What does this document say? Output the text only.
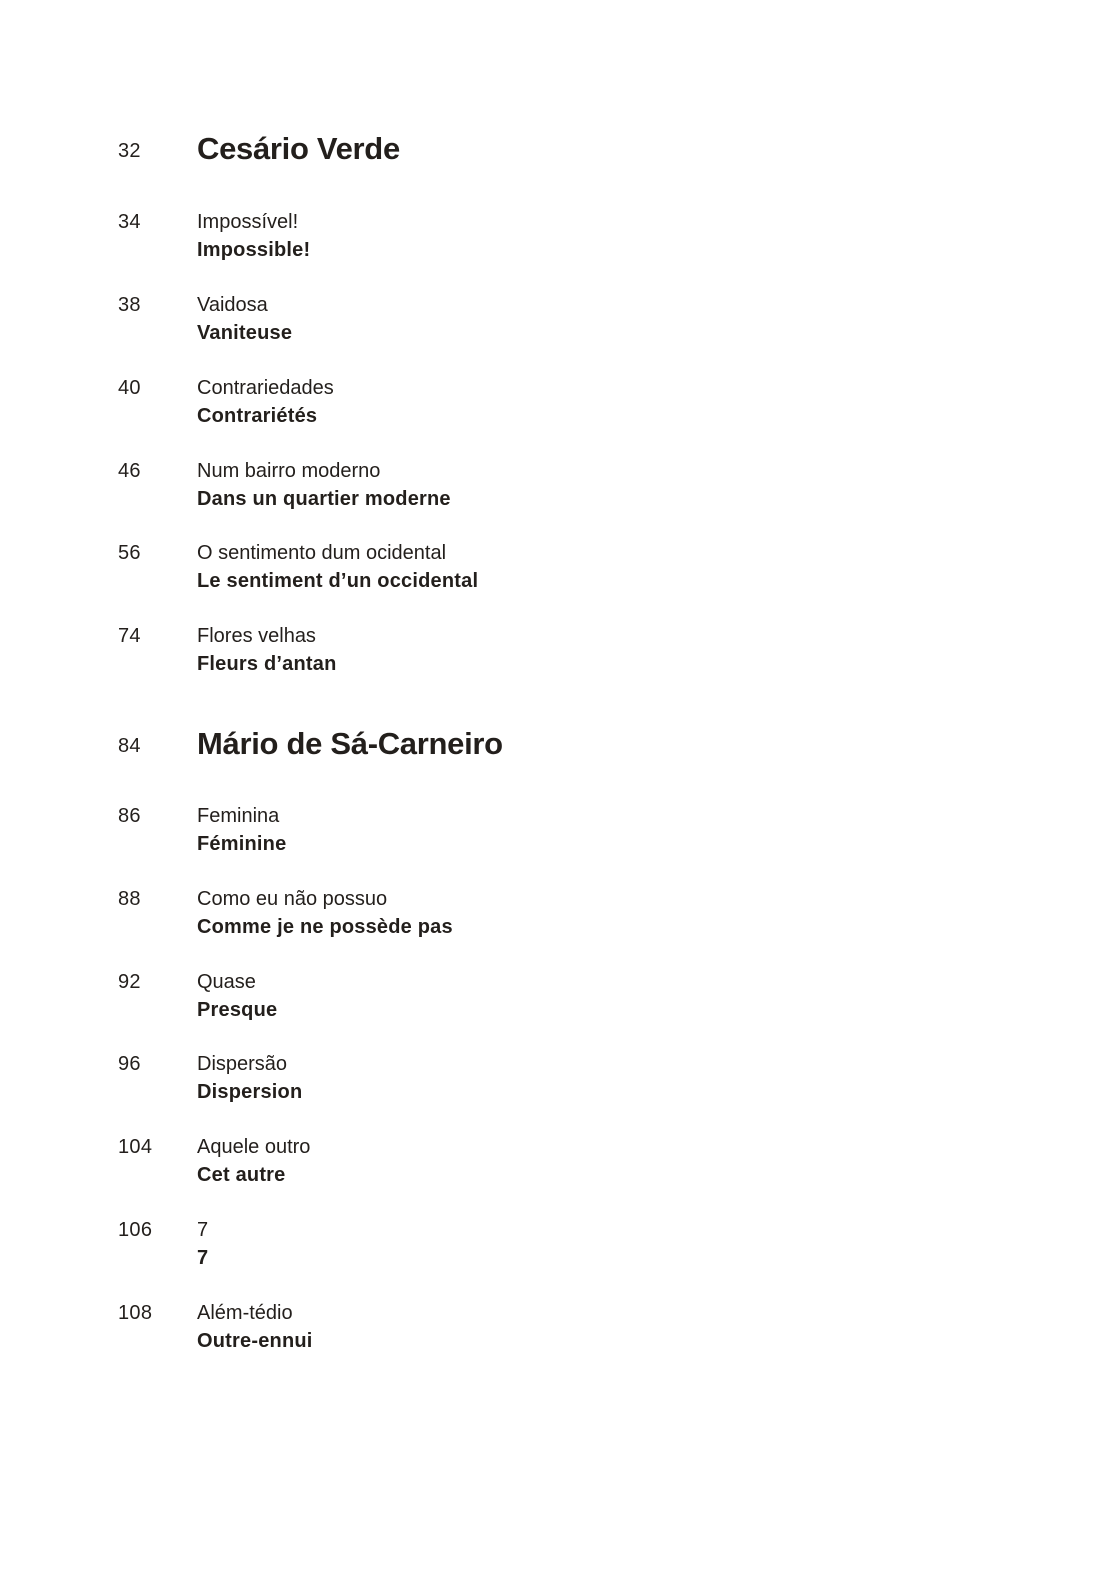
32 Cesário Verde
34	Impossível!
Impossible!
38	Vaidosa
Vaniteuse
40	Contrariedades
Contrariétés
46	Num bairro moderno
Dans un quartier moderne
56	O sentimento dum ocidental
Le sentiment d’un occidental
74	Flores velhas
Fleurs d’antan
84 Mário de Sá-Carneiro
86	Feminina
Féminine
88	Como eu não possuo
Comme je ne possède pas
92	Quase
Presque
96	Dispersão
Dispersion
104 Aquele outro
Cet autre
106 7
7
108 Além-tédio
Outre-ennui
